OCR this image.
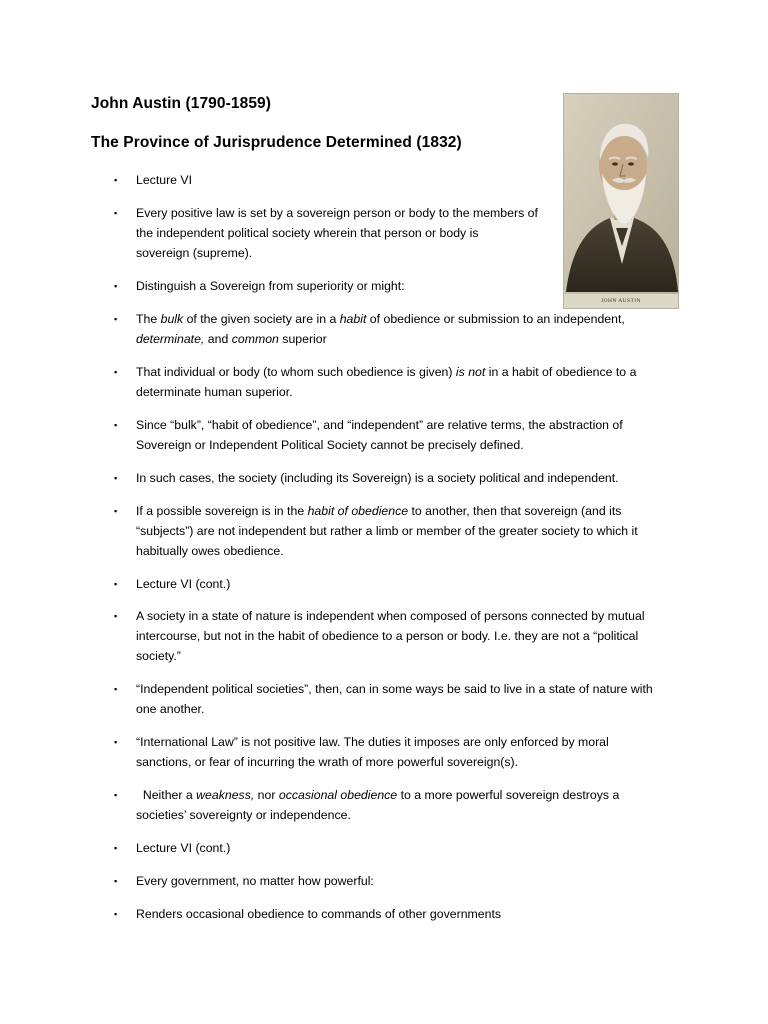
John Austin (1790-1859)
The Province of Jurisprudence Determined (1832)
JOHN AUSTIN
▪
Lecture VI
▪
Every positive law is set by a sovereign person or body to the members of
the independent political society wherein that person or body is
sovereign (supreme).
▪
Distinguish a Sovereign from superiority or might:
▪
The bulk of the given society are in a habit of obedience or submission to an independent,
determinate, and common superior
▪
That individual or body (to whom such obedience is given) is not in a habit of obedience to a
determinate human superior.
▪
Since “bulk”, “habit of obedience”, and “independent” are relative terms, the abstraction of
Sovereign or Independent Political Society cannot be precisely defined.
▪
In such cases, the society (including its Sovereign) is a society political and independent.
▪
If a possible sovereign is in the habit of obedience to another, then that sovereign (and its
“subjects”) are not independent but rather a limb or member of the greater society to which it
habitually owes obedience.
▪
Lecture VI (cont.)
▪
A society in a state of nature is independent when composed of persons connected by mutual
intercourse, but not in the habit of obedience to a person or body. I.e. they are not a “political
society.”
▪
“Independent political societies”, then, can in some ways be said to live in a state of nature with
one another.
▪
“International Law” is not positive law. The duties it imposes are only enforced by moral
sanctions, or fear of incurring the wrath of more powerful sovereign(s).
▪
Neither a weakness, nor occasional obedience to a more powerful sovereign destroys a
societies’ sovereignty or independence.
▪
Lecture VI (cont.)
▪
Every government, no matter how powerful:
▪
Renders occasional obedience to commands of other governments
